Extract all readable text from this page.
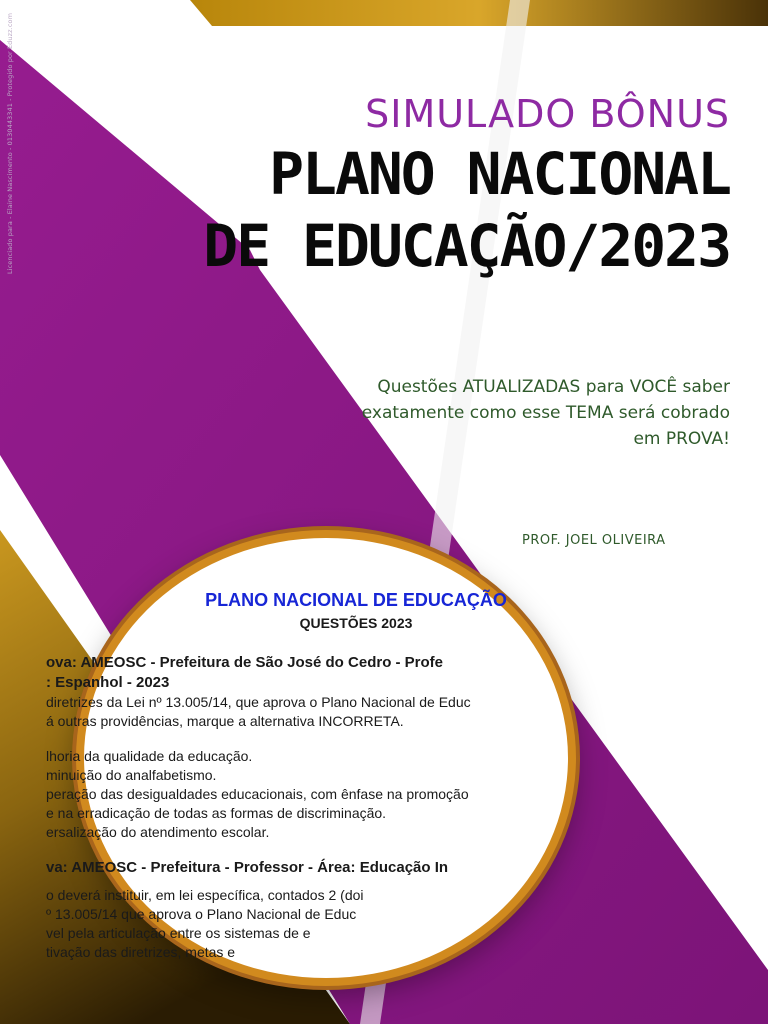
Licenciado para - Elaine Nascimento - 0130443341 - Protegido por Eduzz.com	SIMULADO BÔNUS
PLANO NACIONAL
DE EDUCAÇÃO/2023
Questões ATUALIZADAS para VOCÊ saber
exatamente como esse TEMA será cobrado
em PROVA!
PROF. JOEL OLIVEIRA
PLANO NACIONAL DE EDUCAÇÃO
QUESTÕES 2023
ova: AMEOSC - Prefeitura de São José do Cedro - Profe
: Espanhol - 2023
diretrizes da Lei nº 13.005/14, que aprova o Plano Nacional de Educ
á outras providências, marque a alternativa INCORRETA.
lhoria da qualidade da educação.
minuição do analfabetismo.
peração das desigualdades educacionais, com ênfase na promoção
e na erradicação de todas as formas de discriminação.
ersalização do atendimento escolar.
va: AMEOSC - Prefeitura - Professor - Área: Educação In
o deverá instituir, em lei específica, contados 2 (doi
º 13.005/14 que aprova o Plano Nacional de Educ
vel pela articulação entre os sistemas de e
tivação das diretrizes, metas e
